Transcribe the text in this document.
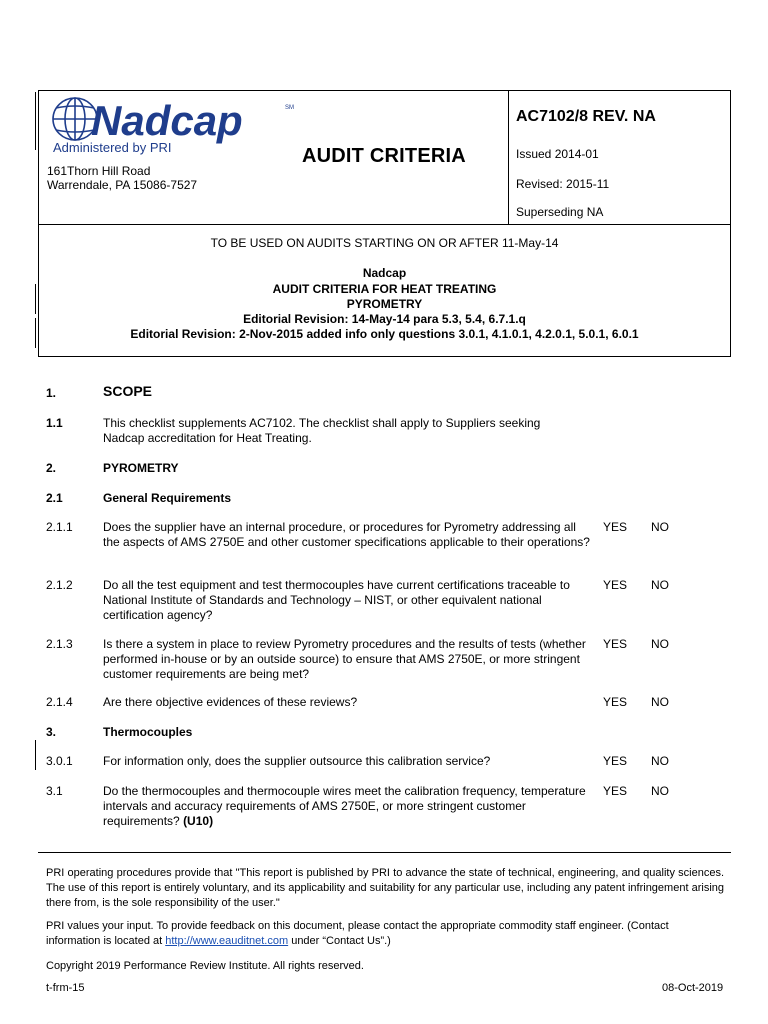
Nadcap	SM
Administered by PRI
161Thorn Hill Road
Warrendale, PA 15086-7527
AUDIT CRITERIA
AC7102/8 REV. NA
Issued 2014-01
Revised: 2015-11
Superseding NA
TO BE USED ON AUDITS STARTING ON OR AFTER 11-May-14
Nadcap
AUDIT CRITERIA FOR HEAT TREATING
PYROMETRY
Editorial Revision: 14-May-14 para 5.3, 5.4, 6.7.1.q
Editorial Revision: 2-Nov-2015 added info only questions 3.0.1, 4.1.0.1, 4.2.0.1, 5.0.1, 6.0.1
1.	SCOPE
1.1	This checklist supplements AC7102. The checklist shall apply to Suppliers seeking Nadcap accreditation for Heat Treating.
2.	PYROMETRY
2.1	General Requirements
2.1.1	Does the supplier have an internal procedure, or procedures for Pyrometry addressing all the aspects of AMS 2750E and other customer specifications applicable to their operations?
YES NO
2.1.2	Do all the test equipment and test thermocouples have current certifications traceable to National Institute of Standards and Technology – NIST, or other equivalent national certification agency?
YES NO
2.1.3	Is there a system in place to review Pyrometry procedures and the results of tests (whether performed in-house or by an outside source) to ensure that AMS 2750E, or more stringent customer requirements are being met?
YES NO
2.1.4	Are there objective evidences of these reviews?	YES NO
3.	Thermocouples
3.0.1	For information only, does the supplier outsource this calibration service?	YES NO
3.1	Do the thermocouples and thermocouple wires meet the calibration frequency, temperature intervals and accuracy requirements of AMS 2750E, or more stringent customer requirements? (U10)
YES NO
PRI operating procedures provide that "This report is published by PRI to advance the state of technical, engineering, and quality sciences. The use of this report is entirely voluntary, and its applicability and suitability for any particular use, including any patent infringement arising there from, is the sole responsibility of the user."
PRI values your input. To provide feedback on this document, please contact the appropriate commodity staff engineer. (Contact information is located at http://www.eauditnet.com under “Contact Us”.)
Copyright 2019 Performance Review Institute. All rights reserved.
t-frm-15	08-Oct-2019
